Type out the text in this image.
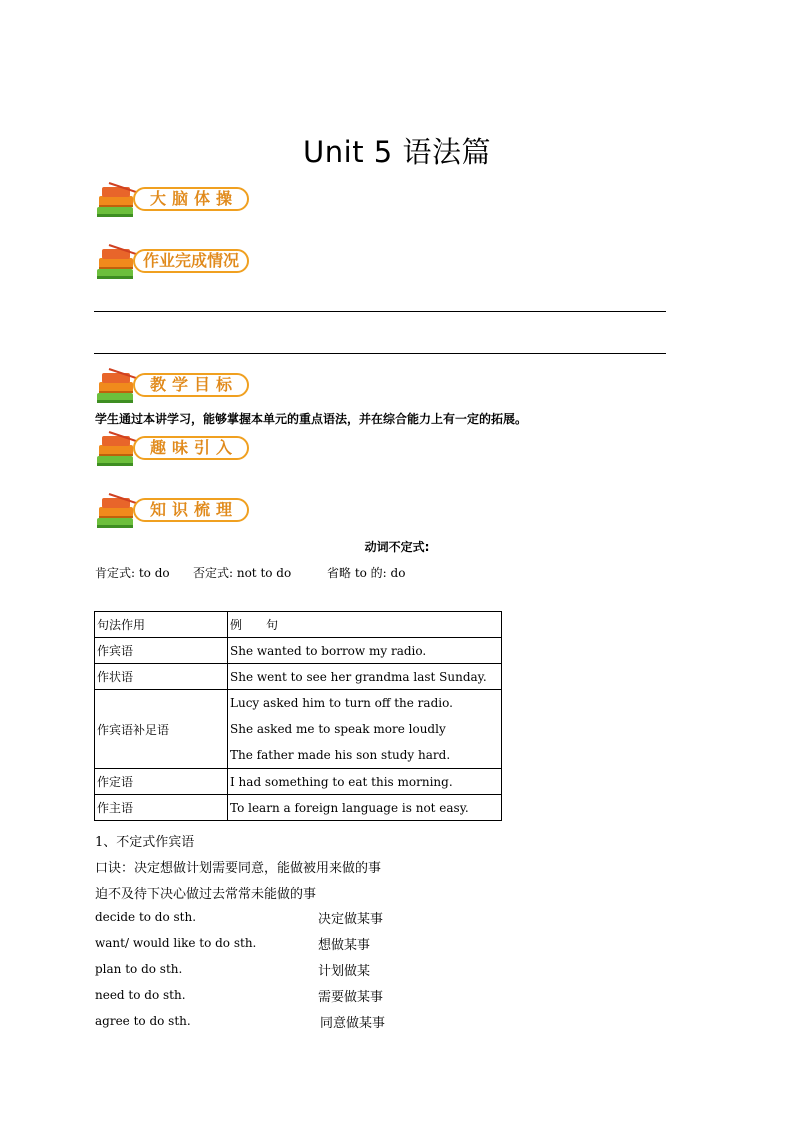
Unit 5 语法篇
大脑体操
作业完成情况
教学目标
学生通过本讲学习，能够掌握本单元的重点语法，并在综合能力上有一定的拓展。
趣味引入
知识梳理
动词不定式:
肯定式: to do 否定式: not to do	省略 to 的: do
句法作用	例　　句
作宾语	She wanted to borrow my radio.
作状语	She went to see her grandma last Sunday.
作宾语补足语	Lucy asked him to turn off the radio.
She asked me to speak more loudly
The father made his son study hard.

作定语	I had something to eat this morning.
作主语	To learn a foreign language is not easy.
1、不定式作宾语
口诀：决定想做计划需要同意，能做被用来做的事
迫不及待下决心做过去常常未能做的事
decide to do sth.	决定做某事
want/ would like to do sth.	想做某事
plan to do sth.	计划做某
need to do sth.	需要做某事
agree to do sth.	同意做某事
